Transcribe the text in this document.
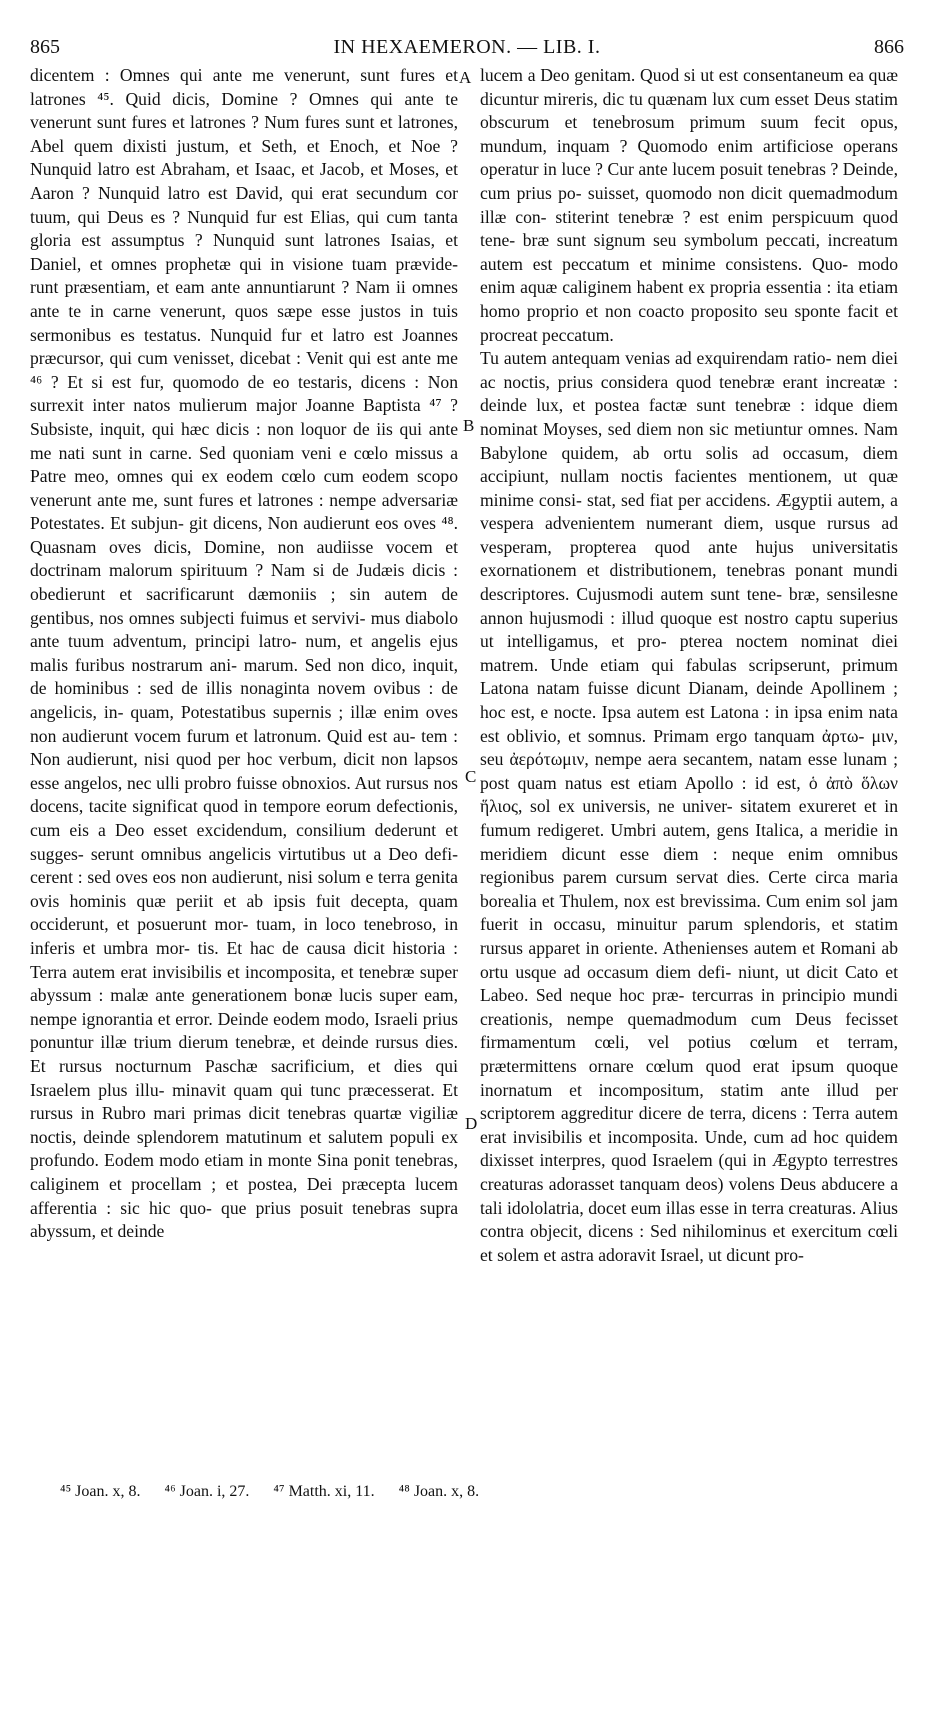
865	IN HEXAEMERON. — LIB. I.	866

dicentem : Omnes qui ante me venerunt, sunt fures et latrones ⁴⁵. Quid dicis, Domine ? Omnes qui ante te venerunt sunt fures et latrones ? Num fures sunt et latrones, Abel quem dixisti justum, et Seth, et Enoch, et Noe ? Nunquid latro est Abraham, et Isaac, et Jacob, et Moses, et Aaron ? Nunquid latro est David, qui erat secundum cor tuum, qui Deus es ? Nunquid fur est Elias, qui cum tanta gloria est assumptus ? Nunquid sunt latrones Isaias, et Daniel, et omnes prophetæ qui in visione tuam prævide- runt præsentiam, et eam ante annuntiarunt ? Nam ii omnes ante te in carne venerunt, quos sæpe esse justos in tuis sermonibus es testatus. Nunquid fur et latro est Joannes præcursor, qui cum venisset, dicebat : Venit qui est ante me ⁴⁶ ? Et si est fur, quomodo de eo testaris, dicens : Non surrexit inter natos mulierum major Joanne Baptista ⁴⁷ ? Subsiste, inquit, qui hæc dicis : non loquor de iis qui ante me nati sunt in carne. Sed quoniam veni e cœlo missus a Patre meo, omnes qui ex eodem cœlo cum eodem scopo venerunt ante me, sunt fures et latrones : nempe adversariæ Potestates. Et subjun- git dicens, Non audierunt eos oves ⁴⁸. Quasnam oves dicis, Domine, non audiisse vocem et doctrinam malorum spirituum ? Nam si de Judæis dicis : obedierunt et sacrificarunt dæmoniis ; sin autem de gentibus, nos omnes subjecti fuimus et servivi- mus diabolo ante tuum adventum, principi latro- num, et angelis ejus malis furibus nostrarum ani- marum. Sed non dico, inquit, de hominibus : sed de illis nonaginta novem ovibus : de angelicis, in- quam, Potestatibus supernis ; illæ enim oves non audierunt vocem furum et latronum. Quid est au- tem : Non audierunt, nisi quod per hoc verbum, dicit non lapsos esse angelos, nec ulli probro fuisse obnoxios. Aut rursus nos docens, tacite significat quod in tempore eorum defectionis, cum eis a Deo esset excidendum, consilium dederunt et sugges- serunt omnibus angelicis virtutibus ut a Deo defi- cerent : sed oves eos non audierunt, nisi solum e terra genita ovis hominis quæ periit et ab ipsis fuit decepta, quam occiderunt, et posuerunt mor- tuam, in loco tenebroso, in inferis et umbra mor- tis. Et hac de causa dicit historia : Terra autem erat invisibilis et incomposita, et tenebræ super abyssum : malæ ante generationem bonæ lucis super eam, nempe ignorantia et error. Deinde eodem modo, Israeli prius ponuntur illæ trium dierum tenebræ, et deinde rursus dies. Et rursus nocturnum Paschæ sacrificium, et dies qui Israelem plus illu- minavit quam qui tunc præcesserat. Et rursus in Rubro mari primas dicit tenebras quartæ vigiliæ noctis, deinde splendorem matutinum et salutem populi ex profundo. Eodem modo etiam in monte Sina ponit tenebras, caliginem et procellam ; et postea, Dei præcepta lucem afferentia : sic hic quo- que prius posuit tenebras supra abyssum, et deinde

lucem a Deo genitam. Quod si ut est consentaneum ea quæ dicuntur mireris, dic tu quænam lux cum esset Deus statim obscurum et tenebrosum primum suum fecit opus, mundum, inquam ? Quomodo enim artificiose operans operatur in luce ? Cur ante lucem posuit tenebras ? Deinde, cum prius po- suisset, quomodo non dicit quemadmodum illæ con- stiterint tenebræ ? est enim perspicuum quod tene- bræ sunt signum seu symbolum peccati, increatum autem est peccatum et minime consistens. Quo- modo enim aquæ caliginem habent ex propria essentia : ita etiam homo proprio et non coacto proposito seu sponte facit et procreat peccatum.

Tu autem antequam venias ad exquirendam ratio- nem diei ac noctis, prius considera quod tenebræ erant increatæ : deinde lux, et postea factæ sunt tenebræ : idque diem nominat Moyses, sed diem non sic metiuntur omnes. Nam Babylone quidem, ab ortu solis ad occasum, diem accipiunt, nullam noctis facientes mentionem, ut quæ minime consi- stat, sed fiat per accidens. Ægyptii autem, a vespera advenientem numerant diem, usque rursus ad vesperam, propterea quod ante hujus universitatis exornationem et distributionem, tenebras ponant mundi descriptores. Cujusmodi autem sunt tene- bræ, sensilesne annon hujusmodi : illud quoque est nostro captu superius ut intelligamus, et pro- pterea noctem nominat diei matrem. Unde etiam qui fabulas scripserunt, primum Latona natam fuisse dicunt Dianam, deinde Apollinem ; hoc est, e nocte. Ipsa autem est Latona : in ipsa enim nata est oblivio, et somnus. Primam ergo tanquam ἀρτω- μιν, seu ἀερότωμιν, nempe aera secantem, natam esse lunam ; post quam natus est etiam Apollo : id est, ὁ ἀπὸ ὅλων ἥλιος, sol ex universis, ne univer- sitatem exureret et in fumum redigeret. Umbri autem, gens Italica, a meridie in meridiem dicunt esse diem : neque enim omnibus regionibus parem cursum servat dies. Certe circa maria borealia et Thulem, nox est brevissima. Cum enim sol jam fuerit in occasu, minuitur parum splendoris, et statim rursus apparet in oriente. Athenienses autem et Romani ab ortu usque ad occasum diem defi- niunt, ut dicit Cato et Labeo. Sed neque hoc præ- tercurras in principio mundi creationis, nempe quemadmodum cum Deus fecisset firmamentum cœli, vel potius cœlum et terram, prætermittens ornare cœlum quod erat ipsum quoque inornatum et incompositum, statim ante illud per scriptorem aggreditur dicere de terra, dicens : Terra autem erat invisibilis et incomposita. Unde, cum ad hoc quidem dixisset interpres, quod Israelem (qui in Ægypto terrestres creaturas adorasset tanquam deos) volens Deus abducere a tali idololatria, docet eum illas esse in terra creaturas. Alius contra objecit, dicens : Sed nihilominus et exercitum cœli et solem et astra adoravit Israel, ut dicunt pro-

A
B
C
D
⁴⁵ Joan. x, 8. ⁴⁶ Joan. i, 27. ⁴⁷ Matth. xi, 11. ⁴⁸ Joan. x, 8.
